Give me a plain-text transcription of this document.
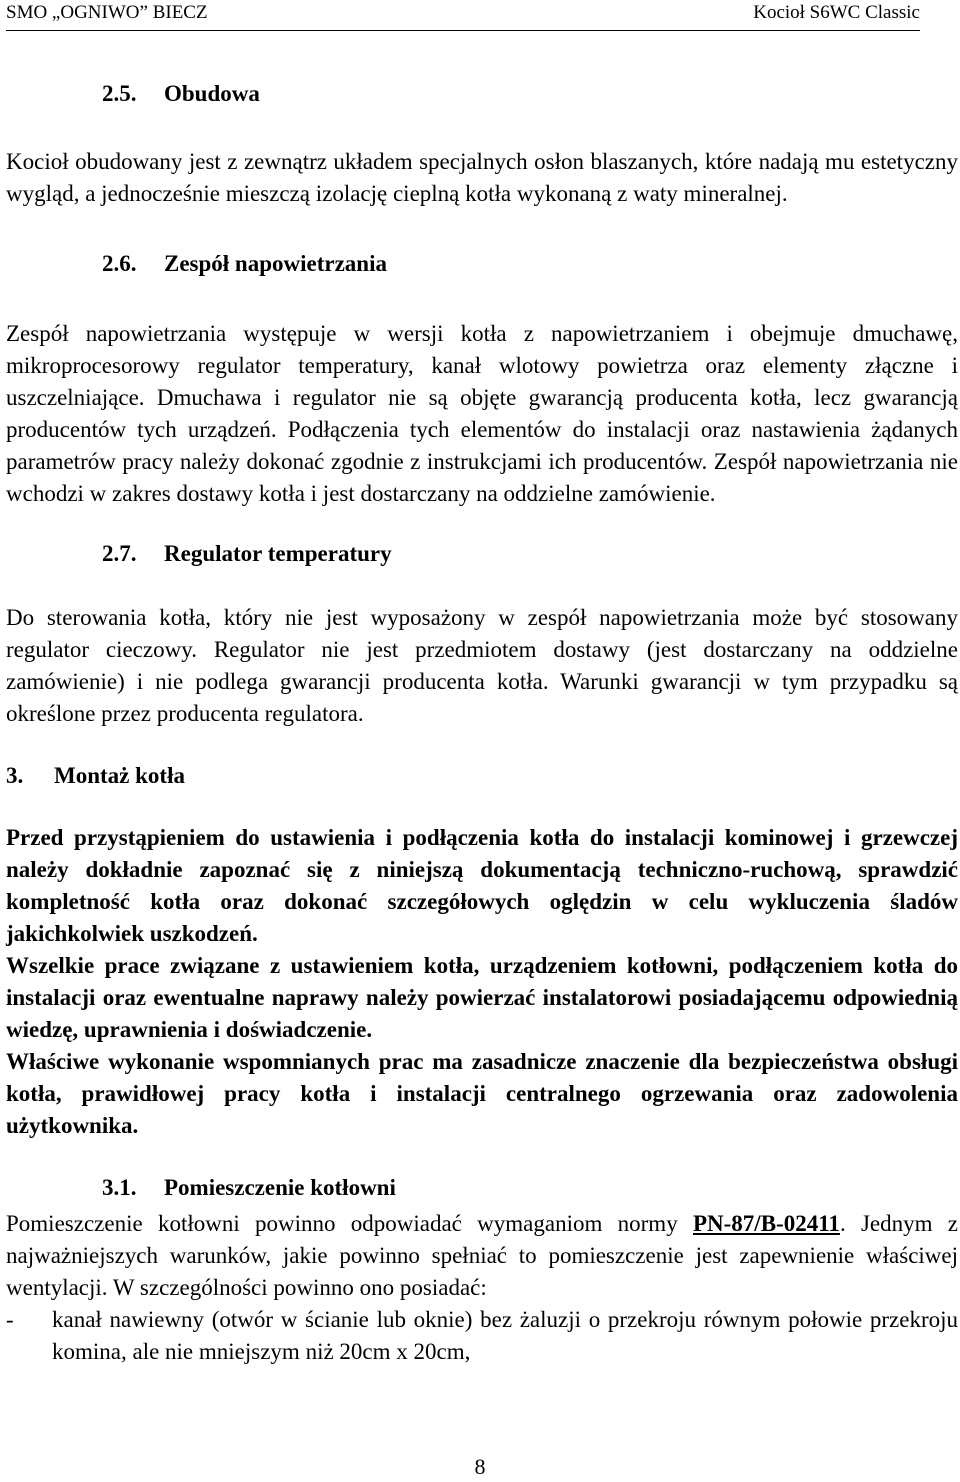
SMO „OGNIWO” BIECZ	Kocioł S6WC Classic
2.5. Obudowa

Kocioł obudowany jest z zewnątrz układem specjalnych osłon blaszanych, które nadają mu estetyczny wygląd, a jednocześnie mieszczą izolację cieplną kotła wykonaną z waty mineralnej.

2.6. Zespół napowietrzania

Zespół napowietrzania występuje w wersji kotła z napowietrzaniem i obejmuje dmuchawę, mikroprocesorowy regulator temperatury, kanał wlotowy powietrza oraz elementy złączne i uszczelniające. Dmuchawa i regulator nie są objęte gwarancją producenta kotła, lecz gwarancją producentów tych urządzeń. Podłączenia tych elementów do instalacji oraz nastawienia żądanych parametrów pracy należy dokonać zgodnie z instrukcjami ich producentów. Zespół napowietrzania nie wchodzi w zakres dostawy kotła i jest dostarczany na oddzielne zamówienie.

2.7. Regulator temperatury

Do sterowania kotła, który nie jest wyposażony w zespół napowietrzania może być stosowany regulator cieczowy. Regulator nie jest przedmiotem dostawy (jest dostarczany na oddzielne zamówienie) i nie podlega gwarancji producenta kotła. Warunki gwarancji w tym przypadku są określone przez producenta regulatora.

3. Montaż kotła

Przed przystąpieniem do ustawienia i podłączenia kotła do instalacji kominowej i grzewczej należy dokładnie zapoznać się z niniejszą dokumentacją techniczno-ruchową, sprawdzić kompletność kotła oraz dokonać szczegółowych oględzin w celu wykluczenia śladów jakichkolwiek uszkodzeń.

Wszelkie prace związane z ustawieniem kotła, urządzeniem kotłowni, podłączeniem kotła do instalacji oraz ewentualne naprawy należy powierzać instalatorowi posiadającemu odpowiednią wiedzę, uprawnienia i doświadczenie.

Właściwe wykonanie wspomnianych prac ma zasadnicze znaczenie dla bezpieczeństwa obsługi kotła, prawidłowej pracy kotła i instalacji centralnego ogrzewania oraz zadowolenia użytkownika.

3.1. Pomieszczenie kotłowni

Pomieszczenie kotłowni powinno odpowiadać wymaganiom normy PN-87/B-02411. Jednym z najważniejszych warunków, jakie powinno spełniać to pomieszczenie jest zapewnienie właściwej wentylacji. W szczególności powinno ono posiadać:

- kanał nawiewny (otwór w ścianie lub oknie) bez żaluzji o przekroju równym połowie przekroju komina, ale nie mniejszym niż 20cm x 20cm,
8
